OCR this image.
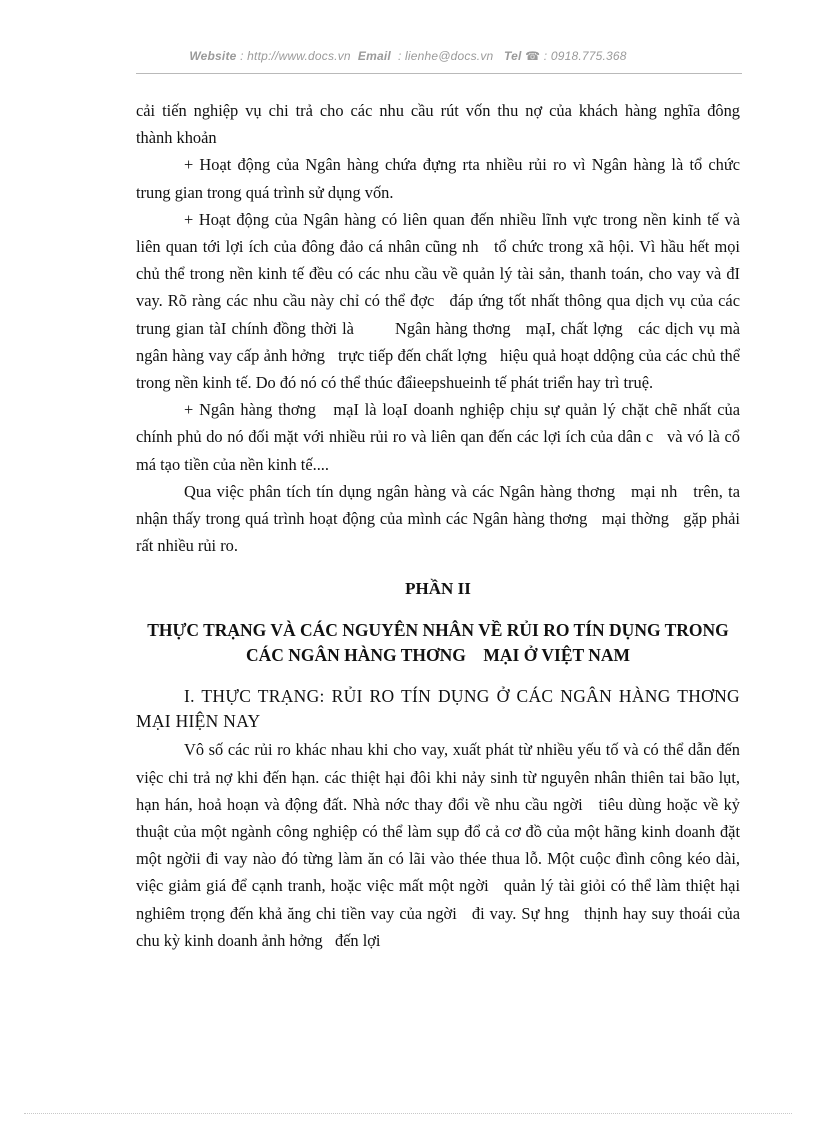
Website : http://www.docs.vn Email : lienhe@docs.vn Tel ☎ : 0918.775.368

cải tiến nghiệp vụ chi trả cho các nhu cầu rút vốn thu nợ của khách hàng nghĩa đông        thành khoản

+ Hoạt động của Ngân hàng chứa đựng rta nhiều rủi ro vì Ngân hàng là tổ chức trung gian trong quá trình sử dụng vốn.

+ Hoạt động của Ngân hàng có liên quan đến nhiều lĩnh vực trong nền kinh tế và liên quan tới lợi ích của đông đảo cá nhân cũng nh   tổ chức trong xã hội. Vì hầu hết mọi chủ thể trong nền kinh tế đều có các nhu cầu về quản lý tài sản, thanh toán, cho vay và đI vay. Rõ ràng các nhu cầu này chỉ có thể đợc   đáp ứng tốt nhất thông qua dịch vụ của các trung gian tàI chính đồng thời là        Ngân hàng thơng   mạI, chất lợng   các dịch vụ mà ngân hàng vay cấp ảnh hởng   trực tiếp đến chất lợng   hiệu quả hoạt ddộng của các chủ thể trong nền kinh tế. Do đó nó có thể thúc đẩieepshueinh tế phát triển hay trì truệ.

+ Ngân hàng thơng   mạI là loạI doanh nghiệp chịu sự quản lý chặt chẽ nhất của chính phủ do nó đối mặt với nhiều rủi ro và liên qan đến các lợi ích của dân c   và vó là cổ má tạo tiền của nền kinh tế....

Qua việc phân tích tín dụng ngân hàng và các Ngân hàng thơng   mại nh   trên, ta nhận thấy trong quá trình hoạt động của mình các Ngân hàng thơng   mại thờng   gặp phải rất nhiều rủi ro.

PHẦN II
THỰC TRẠNG VÀ CÁC NGUYÊN NHÂN VỀ RỦI RO TÍN DỤNG TRONG CÁC NGÂN HÀNG THƠNG    MẠI Ở VIỆT NAM
I. THỰC TRẠNG: RỦI RO TÍN DỤNG Ở CÁC NGÂN HÀNG THƠNG   MẠI HIỆN NAY

Vô số các rủi ro khác nhau khi cho vay, xuất phát từ nhiều yếu tố và có thể dẫn đến việc chi trả nợ khi đến hạn. các thiệt hại đôi khi nảy sinh từ nguyên nhân thiên tai bão lụt, hạn hán, hoả hoạn và động đất. Nhà nớc thay đổi về nhu cầu ngời   tiêu dùng hoặc về kỷ thuật của một ngành công nghiệp có thể làm sụp đổ cả cơ đồ của một hãng kinh doanh đặt một ngờii đi vay nào đó từng làm ăn có lãi vào thée thua lỗ. Một cuộc đình công kéo dài, việc giảm giá để cạnh tranh, hoặc việc mất một ngời   quản lý tài giỏi có thể làm thiệt hại nghiêm trọng đến khả ăng chi tiền vay của ngời   đi vay. Sự hng   thịnh hay suy thoái của chu kỳ kinh doanh ảnh hởng   đến lợi
